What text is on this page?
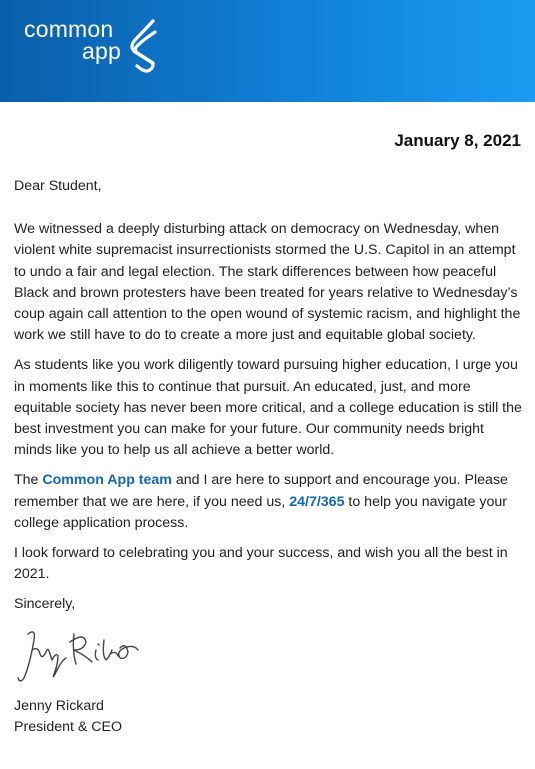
common
app
January 8, 2021

Dear Student,

We witnessed a deeply disturbing attack on democracy on Wednesday, when violent white supremacist insurrectionists stormed the U.S. Capitol in an attempt to undo a fair and legal election. The stark differences between how peaceful Black and brown protesters have been treated for years relative to Wednesday’s coup again call attention to the open wound of systemic racism, and highlight the work we still have to do to create a more just and equitable global society.

As students like you work diligently toward pursuing higher education, I urge you in moments like this to continue that pursuit. An educated, just, and more equitable society has never been more critical, and a college education is still the best investment you can make for your future. Our community needs bright minds like you to help us all achieve a better world.

The Common App team and I are here to support and encourage you. Please remember that we are here, if you need us, 24/7/365 to help you navigate your college application process.

I look forward to celebrating you and your success, and wish you all the best in 2021.

Sincerely,

Jenny Rickard

President & CEO
